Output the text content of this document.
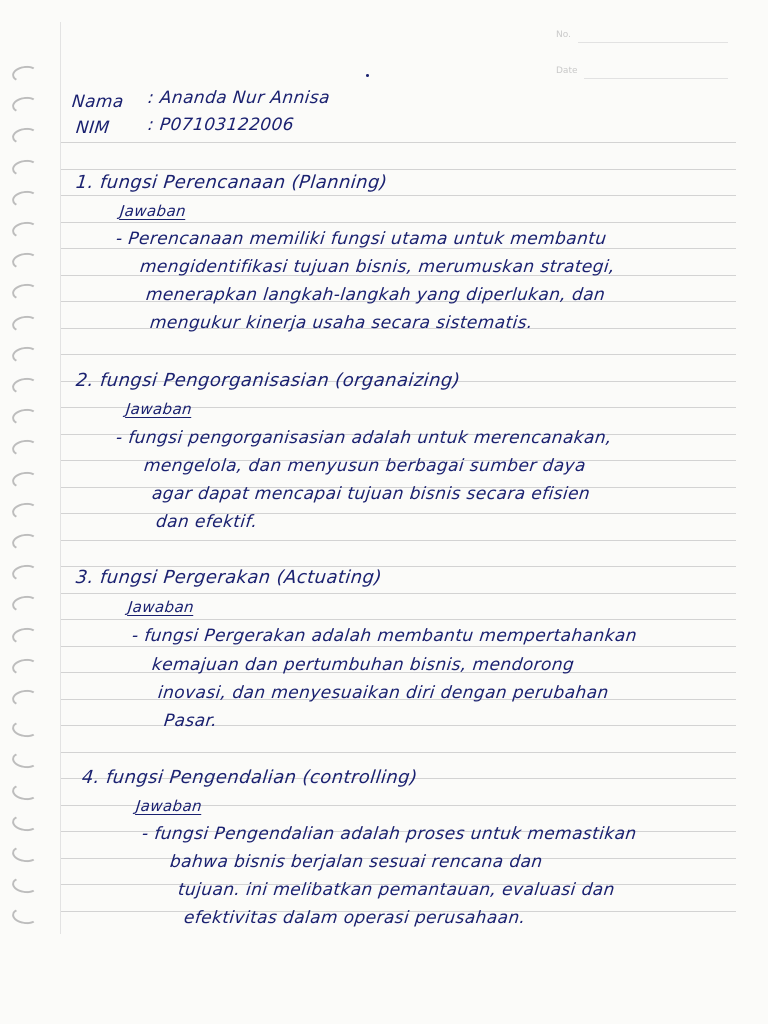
No.
Date
Nama : Ananda Nur Annisa
NIM : P07103122006
1. fungsi Perencanaan (Planning)
Jawaban
- Perencanaan memiliki fungsi utama untuk membantu
mengidentifikasi tujuan bisnis, merumuskan strategi,
menerapkan langkah-langkah yang diperlukan, dan
mengukur kinerja usaha secara sistematis.
2. fungsi Pengorganisasian (organaizing)
Jawaban
- fungsi pengorganisasian adalah untuk merencanakan,
mengelola, dan menyusun berbagai sumber daya
agar dapat mencapai tujuan bisnis secara efisien
dan efektif.
3. fungsi Pergerakan (Actuating)
Jawaban
- fungsi Pergerakan adalah membantu mempertahankan
kemajuan dan pertumbuhan bisnis, mendorong
inovasi, dan menyesuaikan diri dengan perubahan
Pasar.
4. fungsi Pengendalian (controlling)
Jawaban
- fungsi Pengendalian adalah proses untuk memastikan
bahwa bisnis berjalan sesuai rencana dan
tujuan. ini melibatkan pemantauan, evaluasi dan
efektivitas dalam operasi perusahaan.
